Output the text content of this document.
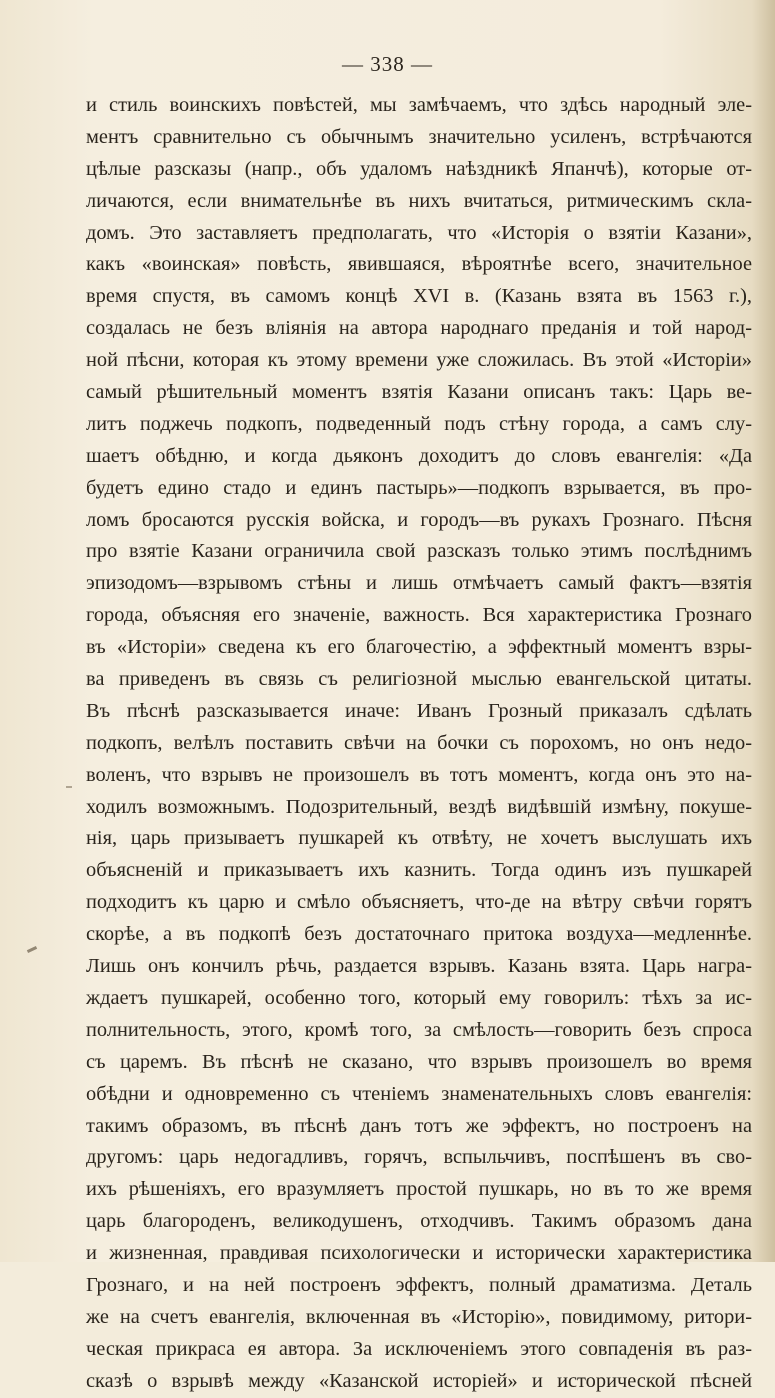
— 338 —
и стиль воинскихъ повѣстей, мы замѣчаемъ, что здѣсь народный эле-
ментъ сравнительно съ обычнымъ значительно усиленъ, встрѣчаются
цѣлые разсказы (напр., объ удаломъ наѣздникѣ Япанчѣ), которые от-
личаются, если внимательнѣе въ нихъ вчитаться, ритмическимъ скла-
домъ. Это заставляетъ предполагать, что «Исторія о взятіи Казани»,
какъ «воинская» повѣсть, явившаяся, вѣроятнѣе всего, значительное
время спустя, въ самомъ концѣ XVI в. (Казань взята въ 1563 г.),
создалась не безъ вліянія на автора народнаго преданія и той народ-
ной пѣсни, которая къ этому времени уже сложилась. Въ этой «Исторіи»
самый рѣшительный моментъ взятія Казани описанъ такъ: Царь ве-
литъ поджечь подкопъ, подведенный подъ стѣну города, а самъ слу-
шаетъ обѣдню, и когда дьяконъ доходитъ до словъ евангелія: «Да
будетъ едино стадо и единъ пастырь»—подкопъ взрывается, въ про-
ломъ бросаются русскія войска, и городъ—въ рукахъ Грознаго. Пѣсня
про взятіе Казани ограничила свой разсказъ только этимъ послѣднимъ
эпизодомъ—взрывомъ стѣны и лишь отмѣчаетъ самый фактъ—взятія
города, объясняя его значеніе, важность. Вся характеристика Грознаго
въ «Исторіи» сведена къ его благочестію, а эффектный моментъ взры-
ва приведенъ въ связь съ религіозной мыслью евангельской цитаты.
Въ пѣснѣ разсказывается иначе: Иванъ Грозный приказалъ сдѣлать
подкопъ, велѣлъ поставить свѣчи на бочки съ порохомъ, но онъ недо-
воленъ, что взрывъ не произошелъ въ тотъ моментъ, когда онъ это на-
ходилъ возможнымъ. Подозрительный, вездѣ видѣвшій измѣну, покуше-
нія, царь призываетъ пушкарей къ отвѣту, не хочетъ выслушать ихъ
объясненій и приказываетъ ихъ казнить. Тогда одинъ изъ пушкарей
подходитъ къ царю и смѣло объясняетъ, что-де на вѣтру свѣчи горятъ
скорѣе, а въ подкопѣ безъ достаточнаго притока воздуха—медленнѣе.
Лишь онъ кончилъ рѣчь, раздается взрывъ. Казань взята. Царь награ-
ждаетъ пушкарей, особенно того, который ему говорилъ: тѣхъ за ис-
полнительность, этого, кромѣ того, за смѣлость—говорить безъ спроса
съ царемъ. Въ пѣснѣ не сказано, что взрывъ произошелъ во время
обѣдни и одновременно съ чтеніемъ знаменательныхъ словъ евангелія:
такимъ образомъ, въ пѣснѣ данъ тотъ же эффектъ, но построенъ на
другомъ: царь недогадливъ, горячъ, вспыльчивъ, поспѣшенъ въ сво-
ихъ рѣшеніяхъ, его вразумляетъ простой пушкарь, но въ то же время
царь благороденъ, великодушенъ, отходчивъ. Такимъ образомъ дана
и жизненная, правдивая психологически и исторически характеристика
Грознаго, и на ней построенъ эффектъ, полный драматизма. Деталь
же на счетъ евангелія, включенная въ «Исторію», повидимому, ритори-
ческая прикраса ея автора. За исключеніемъ этого совпаденія въ раз-
сказѣ о взрывѣ между «Казанской исторіей» и исторической пѣсней
